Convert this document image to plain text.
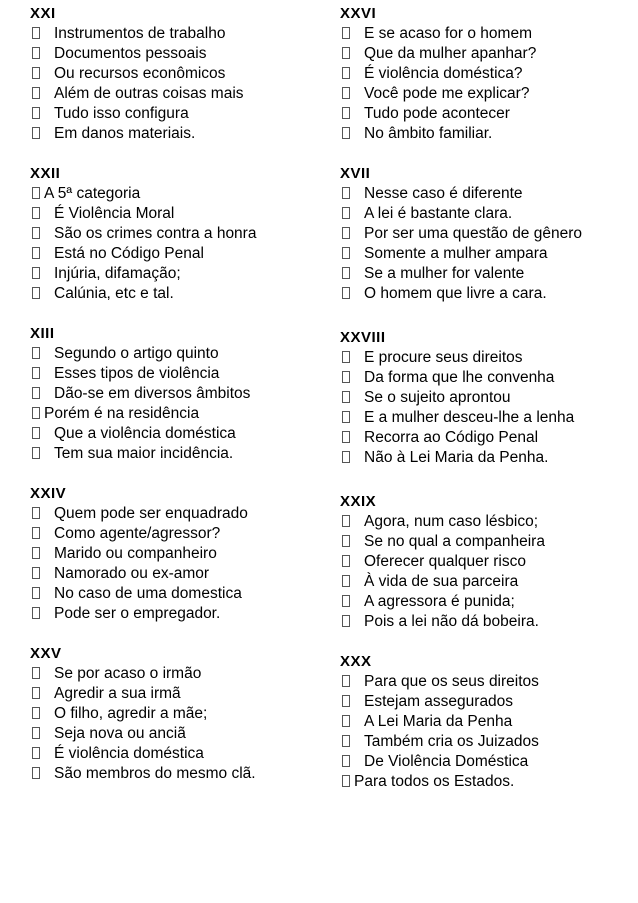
XXI
Instrumentos de trabalho
Documentos pessoais
Ou recursos econômicos
Além de outras coisas mais
Tudo isso configura
Em danos materiais.
XXII
A 5ª categoria
É Violência Moral
São os crimes contra a honra
Está no Código Penal
Injúria, difamação;
Calúnia, etc e tal.
XIII
Segundo o artigo quinto
Esses tipos de violência
Dão-se em diversos âmbitos
Porém é na residência
Que a violência doméstica
Tem sua maior incidência.
XXIV
Quem pode ser enquadrado
Como agente/agressor?
Marido ou companheiro
Namorado ou ex-amor
No caso de uma domestica
Pode ser o empregador.
XXV
Se por acaso o irmão
Agredir a sua irmã
O filho, agredir a mãe;
Seja nova ou anciã
É violência doméstica
São membros do mesmo clã.
XXVI
E se acaso for o homem
Que da mulher apanhar?
É violência doméstica?
Você pode me explicar?
Tudo pode acontecer
No âmbito familiar.
XVII
Nesse caso é diferente
A lei é bastante clara.
Por ser uma questão de gênero
Somente a mulher ampara
Se a mulher for valente
O homem que livre a cara.
XXVIII
E procure seus direitos
Da forma que lhe convenha
Se o sujeito aprontou
E a mulher desceu-lhe a lenha
Recorra ao Código Penal
Não à Lei Maria da Penha.
XXIX
Agora, num caso lésbico;
Se no qual a companheira
Oferecer qualquer risco
À vida de sua parceira
A agressora é punida;
Pois a lei não dá bobeira.
XXX
Para que os seus direitos
Estejam assegurados
A Lei Maria da Penha
Também cria os Juizados
De Violência Doméstica
Para todos os Estados.
